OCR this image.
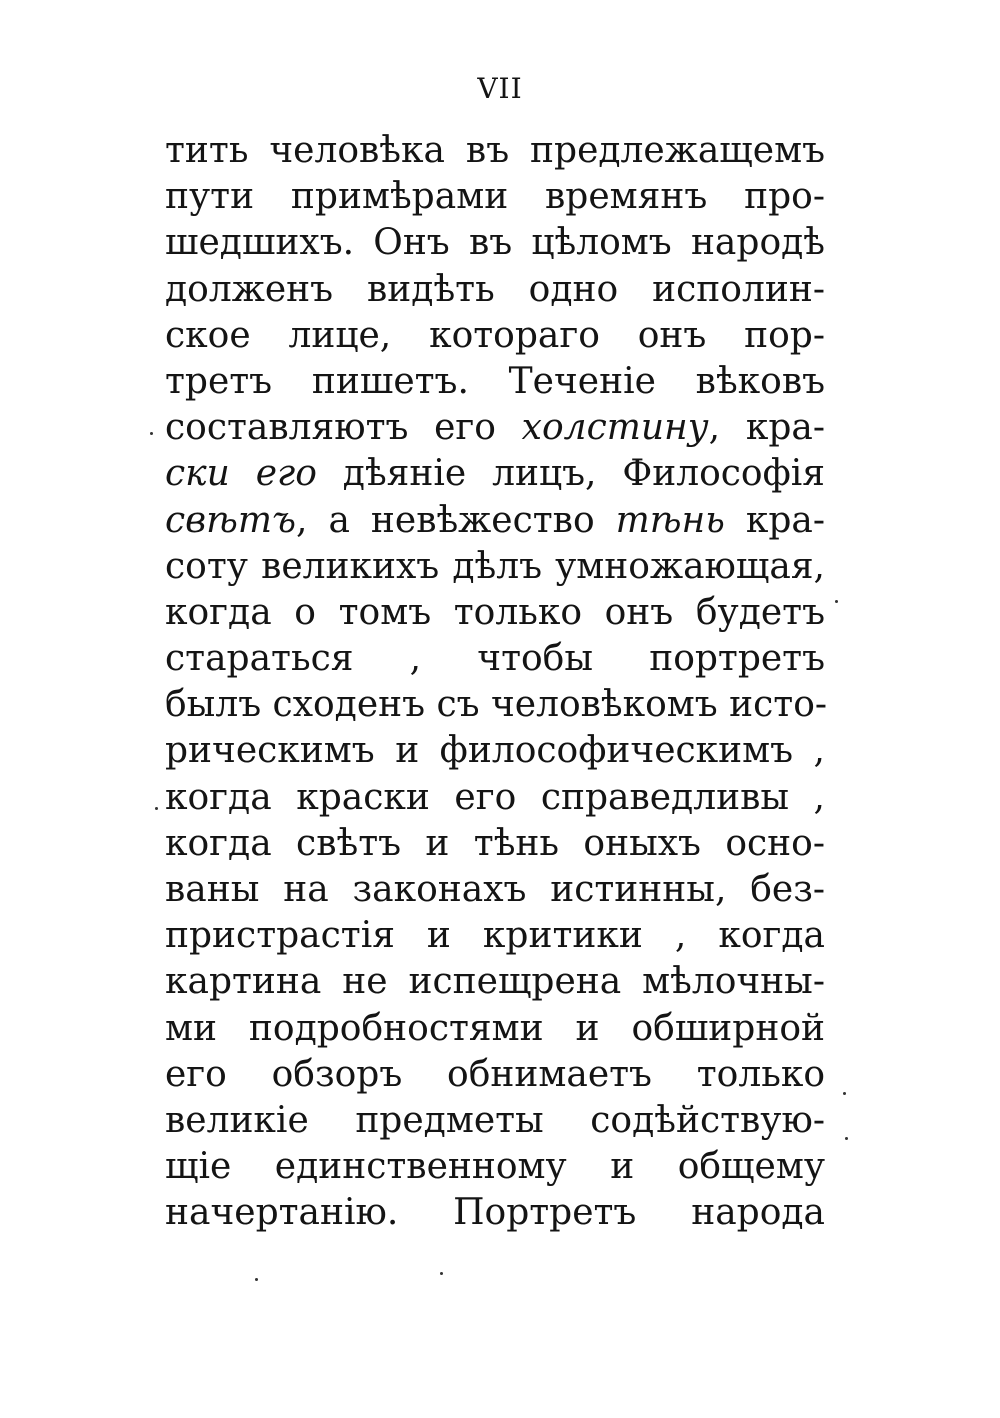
VII
тить человѣка въ предлежащемъ
пути примѣрами времянъ про-
шедшихъ. Онъ въ цѣломъ народѣ
долженъ видѣть одно исполин-
ское лице, котораго онъ пор-
третъ пишетъ. Теченіе вѣковъ
составляютъ его холстину, кра-
ски его дѣяніе лицъ, Философія
свѣтъ, а невѣжество тѣнь кра-
соту великихъ дѣлъ умножающая,
когда о томъ только онъ будетъ
стараться , чтобы портретъ
былъ сходенъ съ человѣкомъ исто-
рическимъ и философическимъ ,
когда краски его справедливы ,
когда свѣтъ и тѣнь оныхъ осно-
ваны на законахъ истинны, без-
пристрастія и критики , когда
картина не испещрена мѣлочны-
ми подробностями и обширной
его обзоръ обнимаетъ только
великіе предметы содѣйствую-
щіе единственному и общему
начертанію. Портретъ народа
